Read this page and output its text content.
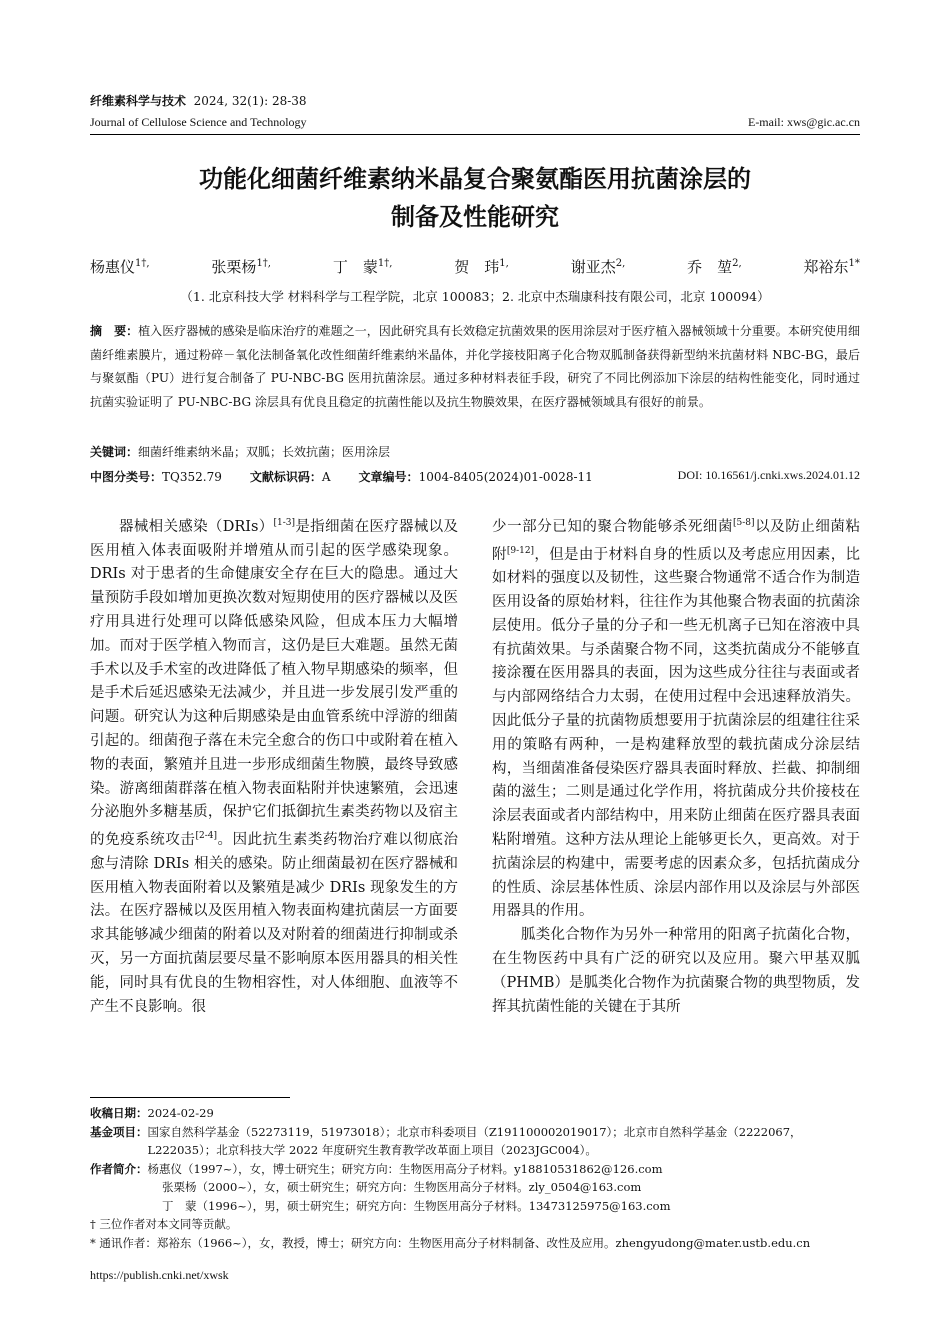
纤维素科学与技术 2024, 32(1): 28-38
Journal of Cellulose Science and Technology	E-mail: xws@gic.ac.cn
功能化细菌纤维素纳米晶复合聚氨酯医用抗菌涂层的
制备及性能研究
杨惠仪$^{1\dagger,}$	张栗杨$^{1\dagger,}$	丁　蒙$^{1\dagger,}$	贺　玮$^{1,}$	谢亚杰$^{2,}$	乔　堃$^{2,}$	郑裕东$^{1*}$
（1. 北京科技大学 材料科学与工程学院，北京 100083；2. 北京中杰瑞康科技有限公司，北京 100094）
摘　要：植入医疗器械的感染是临床治疗的难题之一，因此研究具有长效稳定抗菌效果的医用涂层对于医疗植入器械领域十分重要。本研究使用细菌纤维素膜片，通过粉碎－氧化法制备氧化改性细菌纤维素纳米晶体，并化学接枝阳离子化合物双胍制备获得新型纳米抗菌材料 NBC-BG，最后与聚氨酯（PU）进行复合制备了 PU-NBC-BG 医用抗菌涂层。通过多种材料表征手段，研究了不同比例添加下涂层的结构性能变化，同时通过抗菌实验证明了 PU-NBC-BG 涂层具有优良且稳定的抗菌性能以及抗生物膜效果，在医疗器械领域具有很好的前景。
关键词：细菌纤维素纳米晶；双胍；长效抗菌；医用涂层
中图分类号：TQ352.79 文献标识码：A 文章编号：1004-8405(2024)01-0028-11	DOI: 10.16561/j.cnki.xws.2024.01.12

器械相关感染（DRIs）[1-3]是指细菌在医疗器械以及医用植入体表面吸附并增殖从而引起的医学感染现象。DRIs 对于患者的生命健康安全存在巨大的隐患。通过大量预防手段如增加更换次数对短期使用的医疗器械以及医疗用具进行处理可以降低感染风险，但成本压力大幅增加。而对于医学植入物而言，这仍是巨大难题。虽然无菌手术以及手术室的改进降低了植入物早期感染的频率，但是手术后延迟感染无法减少，并且进一步发展引发严重的问题。研究认为这种后期感染是由血管系统中浮游的细菌引起的。细菌孢子落在未完全愈合的伤口中或附着在植入物的表面，繁殖并且进一步形成细菌生物膜，最终导致感染。游离细菌群落在植入物表面粘附并快速繁殖，会迅速分泌胞外多糖基质，保护它们抵御抗生素类药物以及宿主的免疫系统攻击[2-4]。因此抗生素类药物治疗难以彻底治愈与清除 DRIs 相关的感染。防止细菌最初在医疗器械和医用植入物表面附着以及繁殖是减少 DRIs 现象发生的方法。在医疗器械以及医用植入物表面构建抗菌层一方面要求其能够减少细菌的附着以及对附着的细菌进行抑制或杀灭，另一方面抗菌层要尽量不影响原本医用器具的相关性能，同时具有优良的生物相容性，对人体细胞、血液等不产生不良影响。很

少一部分已知的聚合物能够杀死细菌[5-8]以及防止细菌粘附[9-12]，但是由于材料自身的性质以及考虑应用因素，比如材料的强度以及韧性，这些聚合物通常不适合作为制造医用设备的原始材料，往往作为其他聚合物表面的抗菌涂层使用。低分子量的分子和一些无机离子已知在溶液中具有抗菌效果。与杀菌聚合物不同，这类抗菌成分不能够直接涂覆在医用器具的表面，因为这些成分往往与表面或者与内部网络结合力太弱，在使用过程中会迅速释放消失。因此低分子量的抗菌物质想要用于抗菌涂层的组建往往采用的策略有两种，一是构建释放型的载抗菌成分涂层结构，当细菌准备侵染医疗器具表面时释放、拦截、抑制细菌的滋生；二则是通过化学作用，将抗菌成分共价接枝在涂层表面或者内部结构中，用来防止细菌在医疗器具表面粘附增殖。这种方法从理论上能够更长久，更高效。对于抗菌涂层的构建中，需要考虑的因素众多，包括抗菌成分的性质、涂层基体性质、涂层内部作用以及涂层与外部医用器具的作用。

胍类化合物作为另外一种常用的阳离子抗菌化合物，在生物医药中具有广泛的研究以及应用。聚六甲基双胍（PHMB）是胍类化合物作为抗菌聚合物的典型物质，发挥其抗菌性能的关键在于其所

收稿日期：2024-02-29
基金项目： 国家自然科学基金（52273119，51973018）；北京市科委项目（Z191100002019017）；北京市自然科学基金（2222067，L222035）；北京科技大学 2022 年度研究生教育教学改革面上项目（2023JGC004）。
作者简介： 杨惠仪（1997~），女，博士研究生；研究方向：生物医用高分子材料。y18810531862@126.com
张栗杨（2000~），女，硕士研究生；研究方向：生物医用高分子材料。zly_0504@163.com
丁　蒙（1996~），男，硕士研究生；研究方向：生物医用高分子材料。13473125975@163.com
† 三位作者对本文同等贡献。
* 通讯作者：郑裕东（1966~），女，教授，博士；研究方向：生物医用高分子材料制备、改性及应用。zhengyudong@mater.ustb.edu.cn
https://publish.cnki.net/xwsk
